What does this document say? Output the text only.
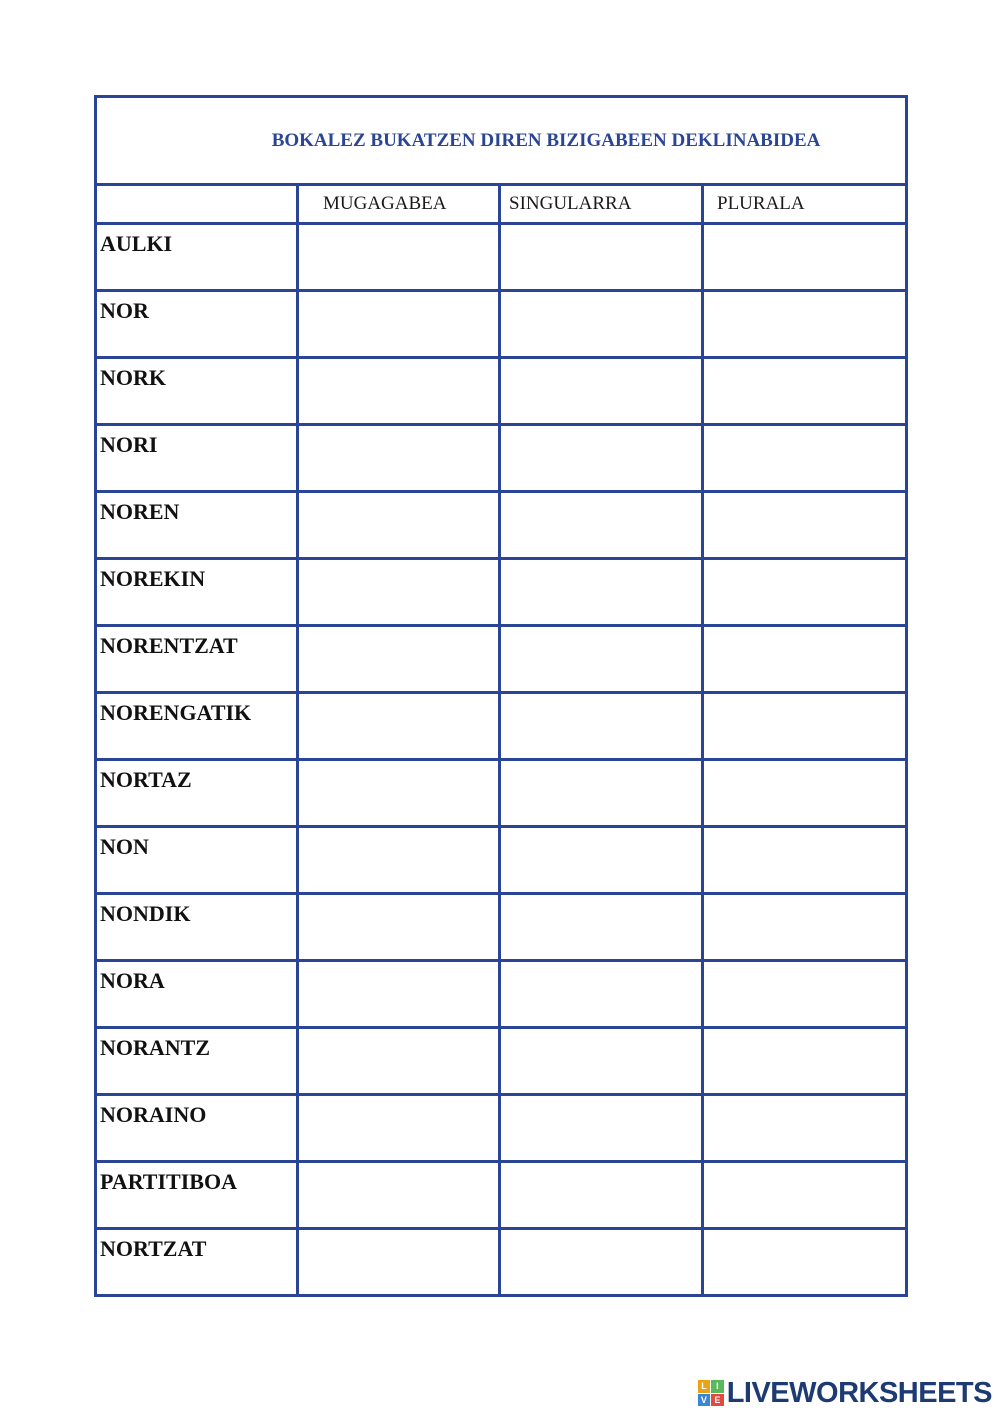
BOKALEZ BUKATZEN DIREN BIZIGABEEN DEKLINABIDEA			
	MUGAGABEA	SINGULARRA	PLURALA

AULKI			

NOR			

NORK			

NORI			

NOREN			

NOREKIN			

NORENTZAT			

NORENGATIK			

NORTAZ			

NON			

NONDIK			

NORA			

NORANTZ			

NORAINO			

PARTITIBOA			

NORTZAT			

L	I
V E LIVEWORKSHEETS
